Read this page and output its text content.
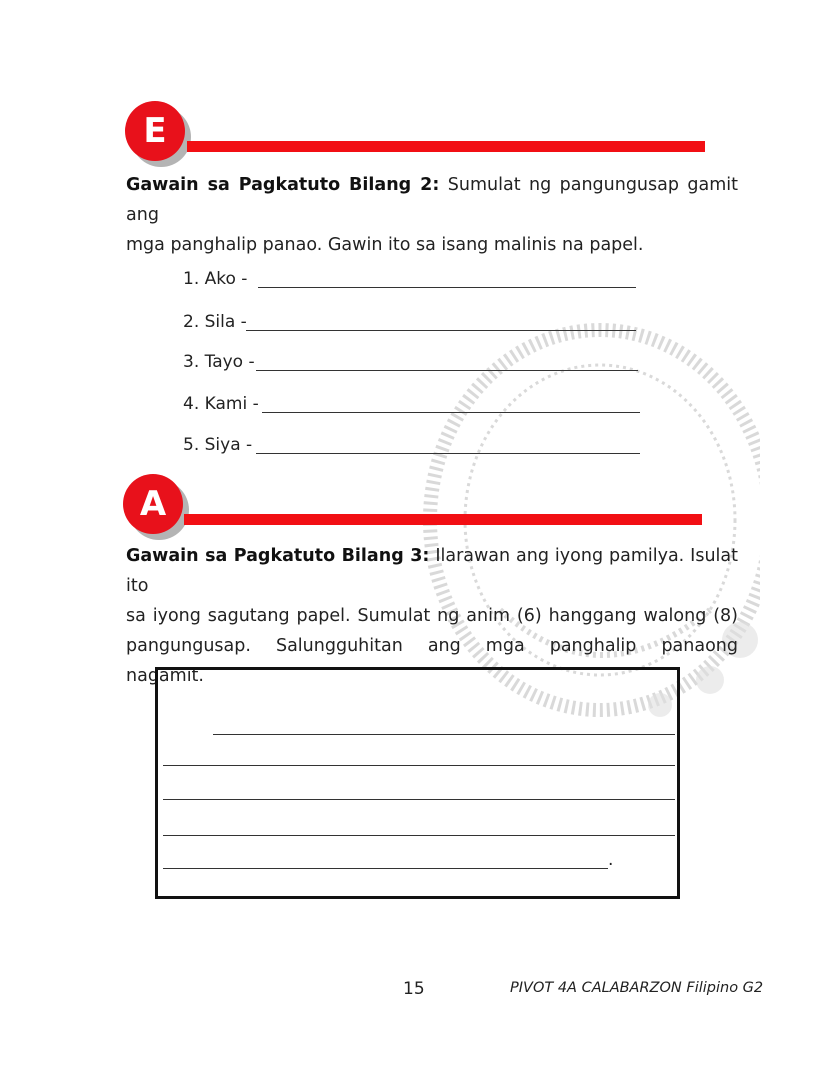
E
Gawain sa Pagkatuto Bilang 2: Sumulat ng pangungusap gamit ang
mga panghalip panao. Gawin ito sa isang malinis na papel.
1. Ako -
2. Sila -
3. Tayo -
4. Kami -
5. Siya -
A
Gawain sa Pagkatuto Bilang 3: Ilarawan ang iyong pamilya. Isulat ito
sa iyong sagutang papel. Sumulat ng anim (6) hanggang walong (8)
pangungusap. Salungguhitan ang mga panghalip panaong
nagamit.
.
15	PIVOT 4A CALABARZON Filipino G2
